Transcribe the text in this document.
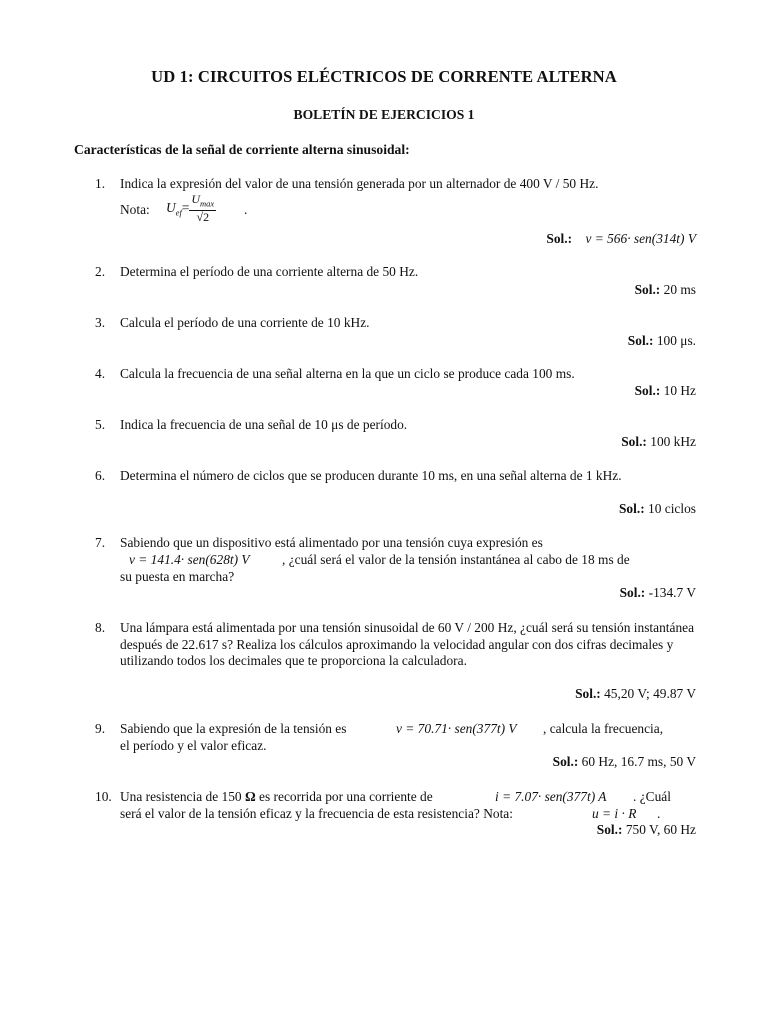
UD 1: CIRCUITOS ELÉCTRICOS DE CORRENTE ALTERNA
BOLETÍN DE EJERCICIOS 1

Características de la señal de corriente alterna sinusoidal:

1. Indica la expresión del valor de una tensión generada por un alternador de 400 V / 50 Hz.
Nota: $U_{ef}= \frac{U_{max}}{√2}$ .
Sol.: v = 566· sen(314t) V
2. Determina el período de una corriente alterna de 50 Hz.
Sol.: 20 ms
3. Calcula el período de una corriente de 10 kHz.
Sol.: 100 μs.
4. Calcula la frecuencia de una señal alterna en la que un ciclo se produce cada 100 ms.
Sol.: 10 Hz
5. Indica la frecuencia de una señal de 10 μs de período.
Sol.: 100 kHz
6. Determina el número de ciclos que se producen durante 10 ms, en una señal alterna de 1 kHz.
Sol.: 10 ciclos
7. Sabiendo que un dispositivo está alimentado por una tensión cuya expresión es
v = 141.4· sen(628t) V , ¿cuál será el valor de la tensión instantánea al cabo de 18 ms de
su puesta en marcha?
Sol.: -134.7 V
8. Una lámpara está alimentada por una tensión sinusoidal de 60 V / 200 Hz, ¿cuál será su tensión instantánea después de 22.617 s? Realiza los cálculos aproximando la velocidad angular con dos cifras decimales y utilizando todos los decimales que te proporciona la calculadora.
Sol.: 45,20 V; 49.87 V
9. Sabiendo que la expresión de la tensión es	v = 70.71· sen(377t) V , calcula la frecuencia,
el período y el valor eficaz.
Sol.: 60 Hz, 16.7 ms, 50 V
10. Una resistencia de 150 Ω es recorrida por una corriente de	i = 7.07· sen(377t) A . ¿Cuál
será el valor de la tensión eficaz y la frecuencia de esta resistencia? Nota:	u = i · R .
Sol.: 750 V, 60 Hz
